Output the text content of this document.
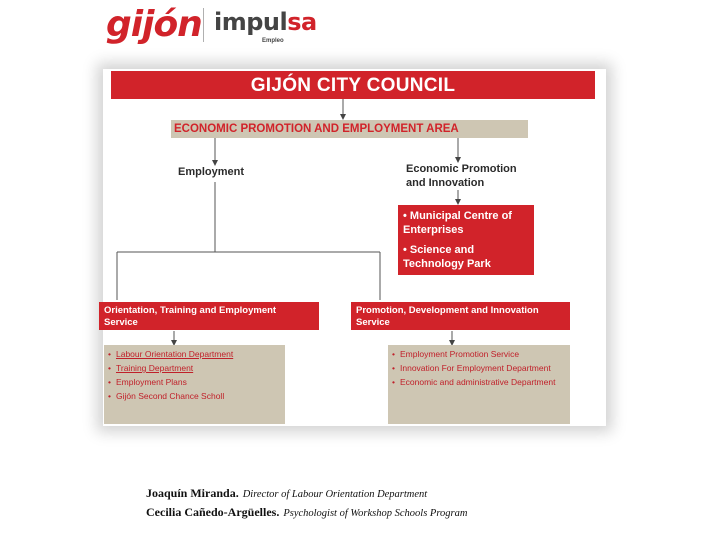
gijón impulsa
Empleo
GIJÓN CITY COUNCIL
ECONOMIC PROMOTION AND EMPLOYMENT AREA
Employment	Economic Promotion
and Innovation
• Municipal Centre of Enterprises
• Science and Technology Park
Orientation, Training and Employment
Service
Promotion, Development and Innovation
Service
• Labour Orientation Department
• Training Department
• Employment Plans
• Gijón Second Chance Scholl
• Employment Promotion Service
• Innovation For Employment Department
• Economic and administrative Department
Joaquín Miranda. Director of Labour Orientation Department
Cecilia Cañedo-Argüelles. Psychologist of Workshop Schools Program
